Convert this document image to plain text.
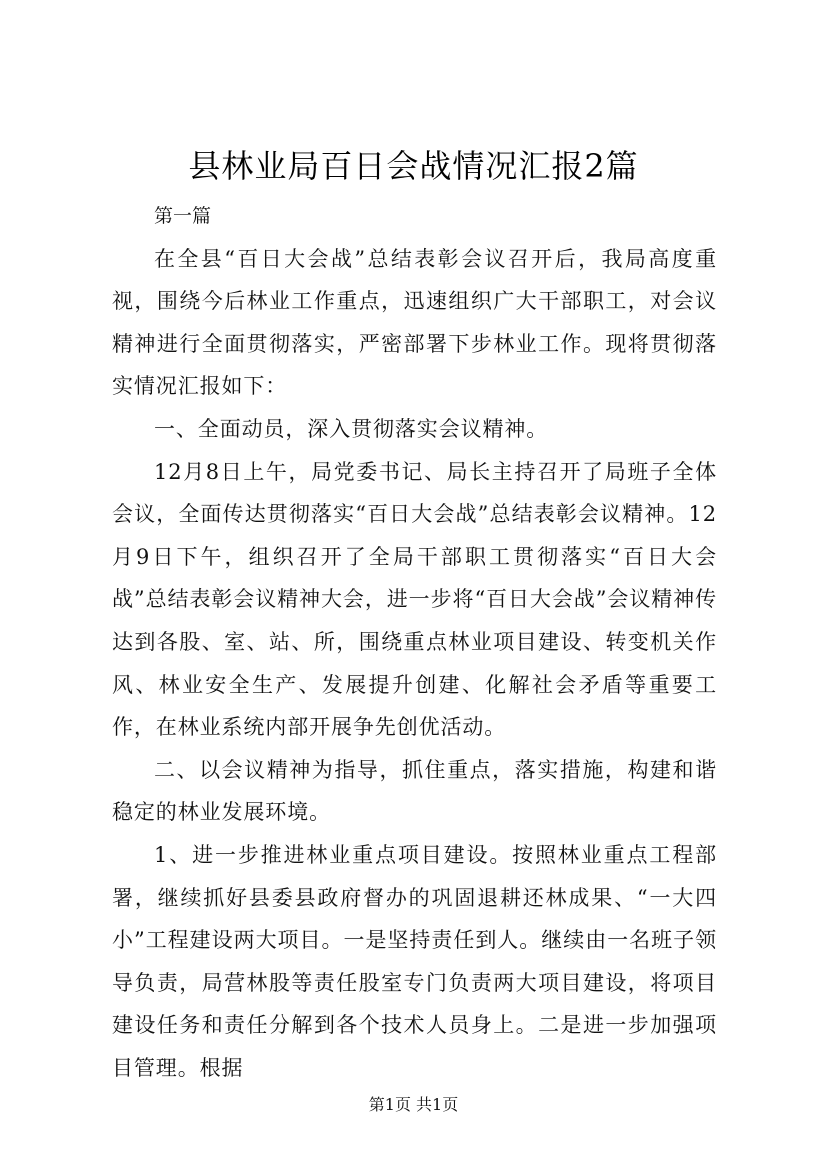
县林业局百日会战情况汇报2篇

第一篇

在全县“百日大会战”总结表彰会议召开后，我局高度重视，围绕今后林业工作重点，迅速组织广大干部职工，对会议精神进行全面贯彻落实，严密部署下步林业工作。现将贯彻落实情况汇报如下：

一、全面动员，深入贯彻落实会议精神。

12月8日上午，局党委书记、局长主持召开了局班子全体会议，全面传达贯彻落实“百日大会战”总结表彰会议精神。12月9日下午，组织召开了全局干部职工贯彻落实“百日大会战”总结表彰会议精神大会，进一步将“百日大会战”会议精神传达到各股、室、站、所，围绕重点林业项目建设、转变机关作风、林业安全生产、发展提升创建、化解社会矛盾等重要工作，在林业系统内部开展争先创优活动。

二、以会议精神为指导，抓住重点，落实措施，构建和谐稳定的林业发展环境。

1、进一步推进林业重点项目建设。按照林业重点工程部署，继续抓好县委县政府督办的巩固退耕还林成果、“一大四小”工程建设两大项目。一是坚持责任到人。继续由一名班子领导负责，局营林股等责任股室专门负责两大项目建设，将项目建设任务和责任分解到各个技术人员身上。二是进一步加强项目管理。根据

第1页 共1页
